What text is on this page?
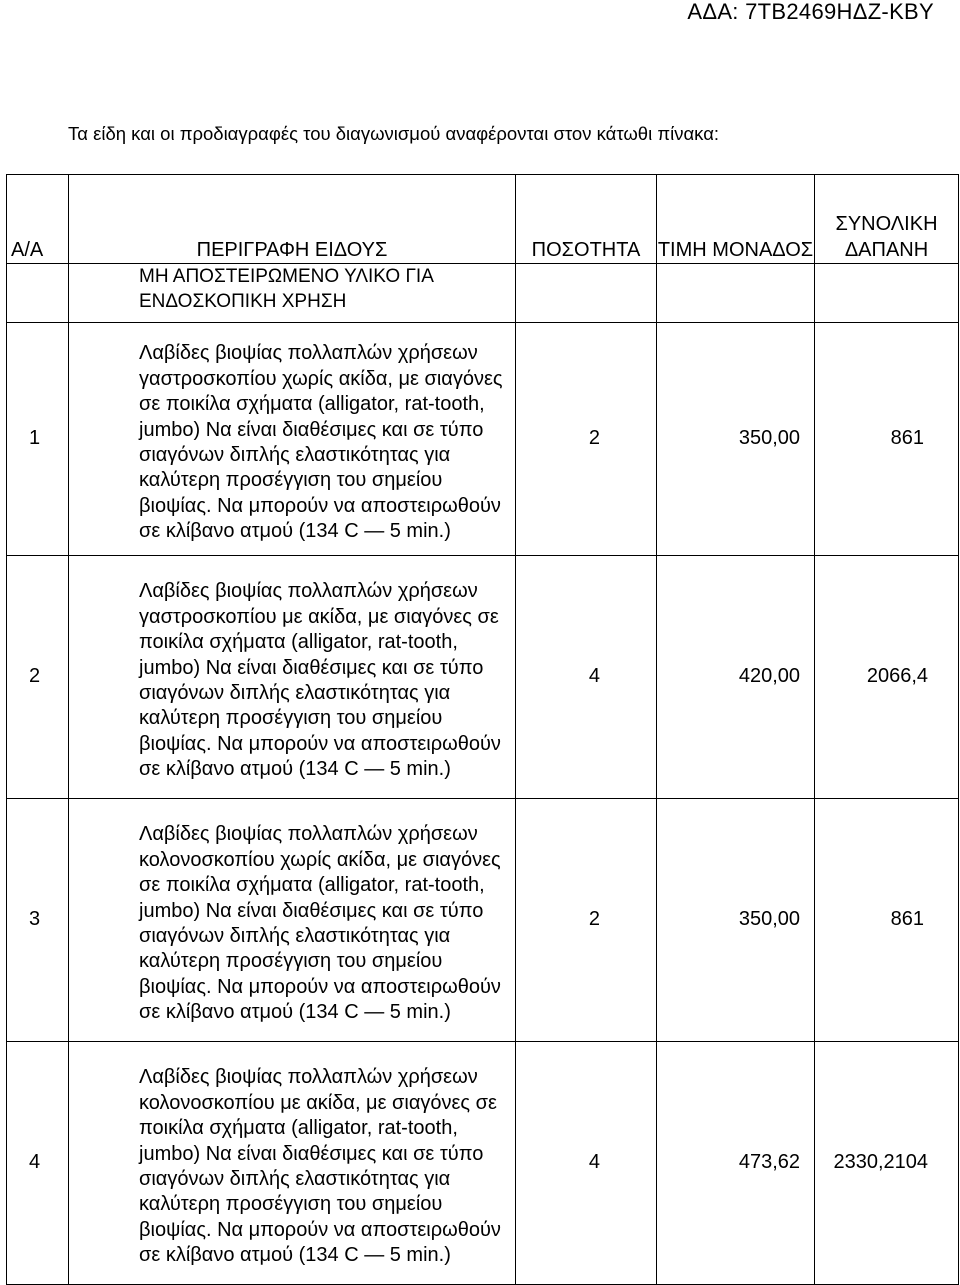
ΑΔΑ: 7ΤΒ2469ΗΔΖ-ΚΒΥ
Τα είδη και οι προδιαγραφές του διαγωνισμού αναφέρονται στον κάτωθι πίνακα:
Α/Α	ΠΕΡΙΓΡΑΦΗ ΕΙΔΟΥΣ	ΠΟΣΟΤΗΤΑ	ΤΙΜΗ ΜΟΝΑΔΟΣ	ΣΥΝΟΛΙΚΗ ΔΑΠΑΝΗ
	ΜΗ ΑΠΟΣΤΕΙΡΩΜΕΝΟ ΥΛΙΚΟ ΓΙΑ ΕΝΔΟΣΚΟΠΙΚΗ ΧΡΗΣΗ			
1	Λαβίδες βιοψίας πολλαπλών χρήσεων γαστροσκοπίου χωρίς ακίδα, με σιαγόνες σε ποικίλα σχήματα (alligator, rat-tooth, jumbo) Να είναι διαθέσιμες και σε τύπο σιαγόνων διπλής ελαστικότητας για καλύτερη προσέγγιση του σημείου βιοψίας. Να μπορούν να αποστειρωθούν σε κλίβανο ατμού (134 C — 5 min.)	2	350,00	861
2	Λαβίδες βιοψίας πολλαπλών χρήσεων γαστροσκοπίου με ακίδα, με σιαγόνες σε ποικίλα σχήματα (alligator, rat-tooth, jumbo) Να είναι διαθέσιμες και σε τύπο σιαγόνων διπλής ελαστικότητας για καλύτερη προσέγγιση του σημείου βιοψίας. Να μπορούν να αποστειρωθούν σε κλίβανο ατμού (134 C — 5 min.)	4	420,00	2066,4
3	Λαβίδες βιοψίας πολλαπλών χρήσεων κολονοσκοπίου χωρίς ακίδα, με σιαγόνες σε ποικίλα σχήματα (alligator, rat-tooth, jumbo) Να είναι διαθέσιμες και σε τύπο σιαγόνων διπλής ελαστικότητας για καλύτερη προσέγγιση του σημείου βιοψίας. Να μπορούν να αποστειρωθούν σε κλίβανο ατμού (134 C — 5 min.)	2	350,00	861
4	Λαβίδες βιοψίας πολλαπλών χρήσεων κολονοσκοπίου με ακίδα, με σιαγόνες σε ποικίλα σχήματα (alligator, rat-tooth, jumbo) Να είναι διαθέσιμες και σε τύπο σιαγόνων διπλής ελαστικότητας για καλύτερη προσέγγιση του σημείου βιοψίας. Να μπορούν να αποστειρωθούν σε κλίβανο ατμού (134 C — 5 min.)	4	473,62	2330,2104
